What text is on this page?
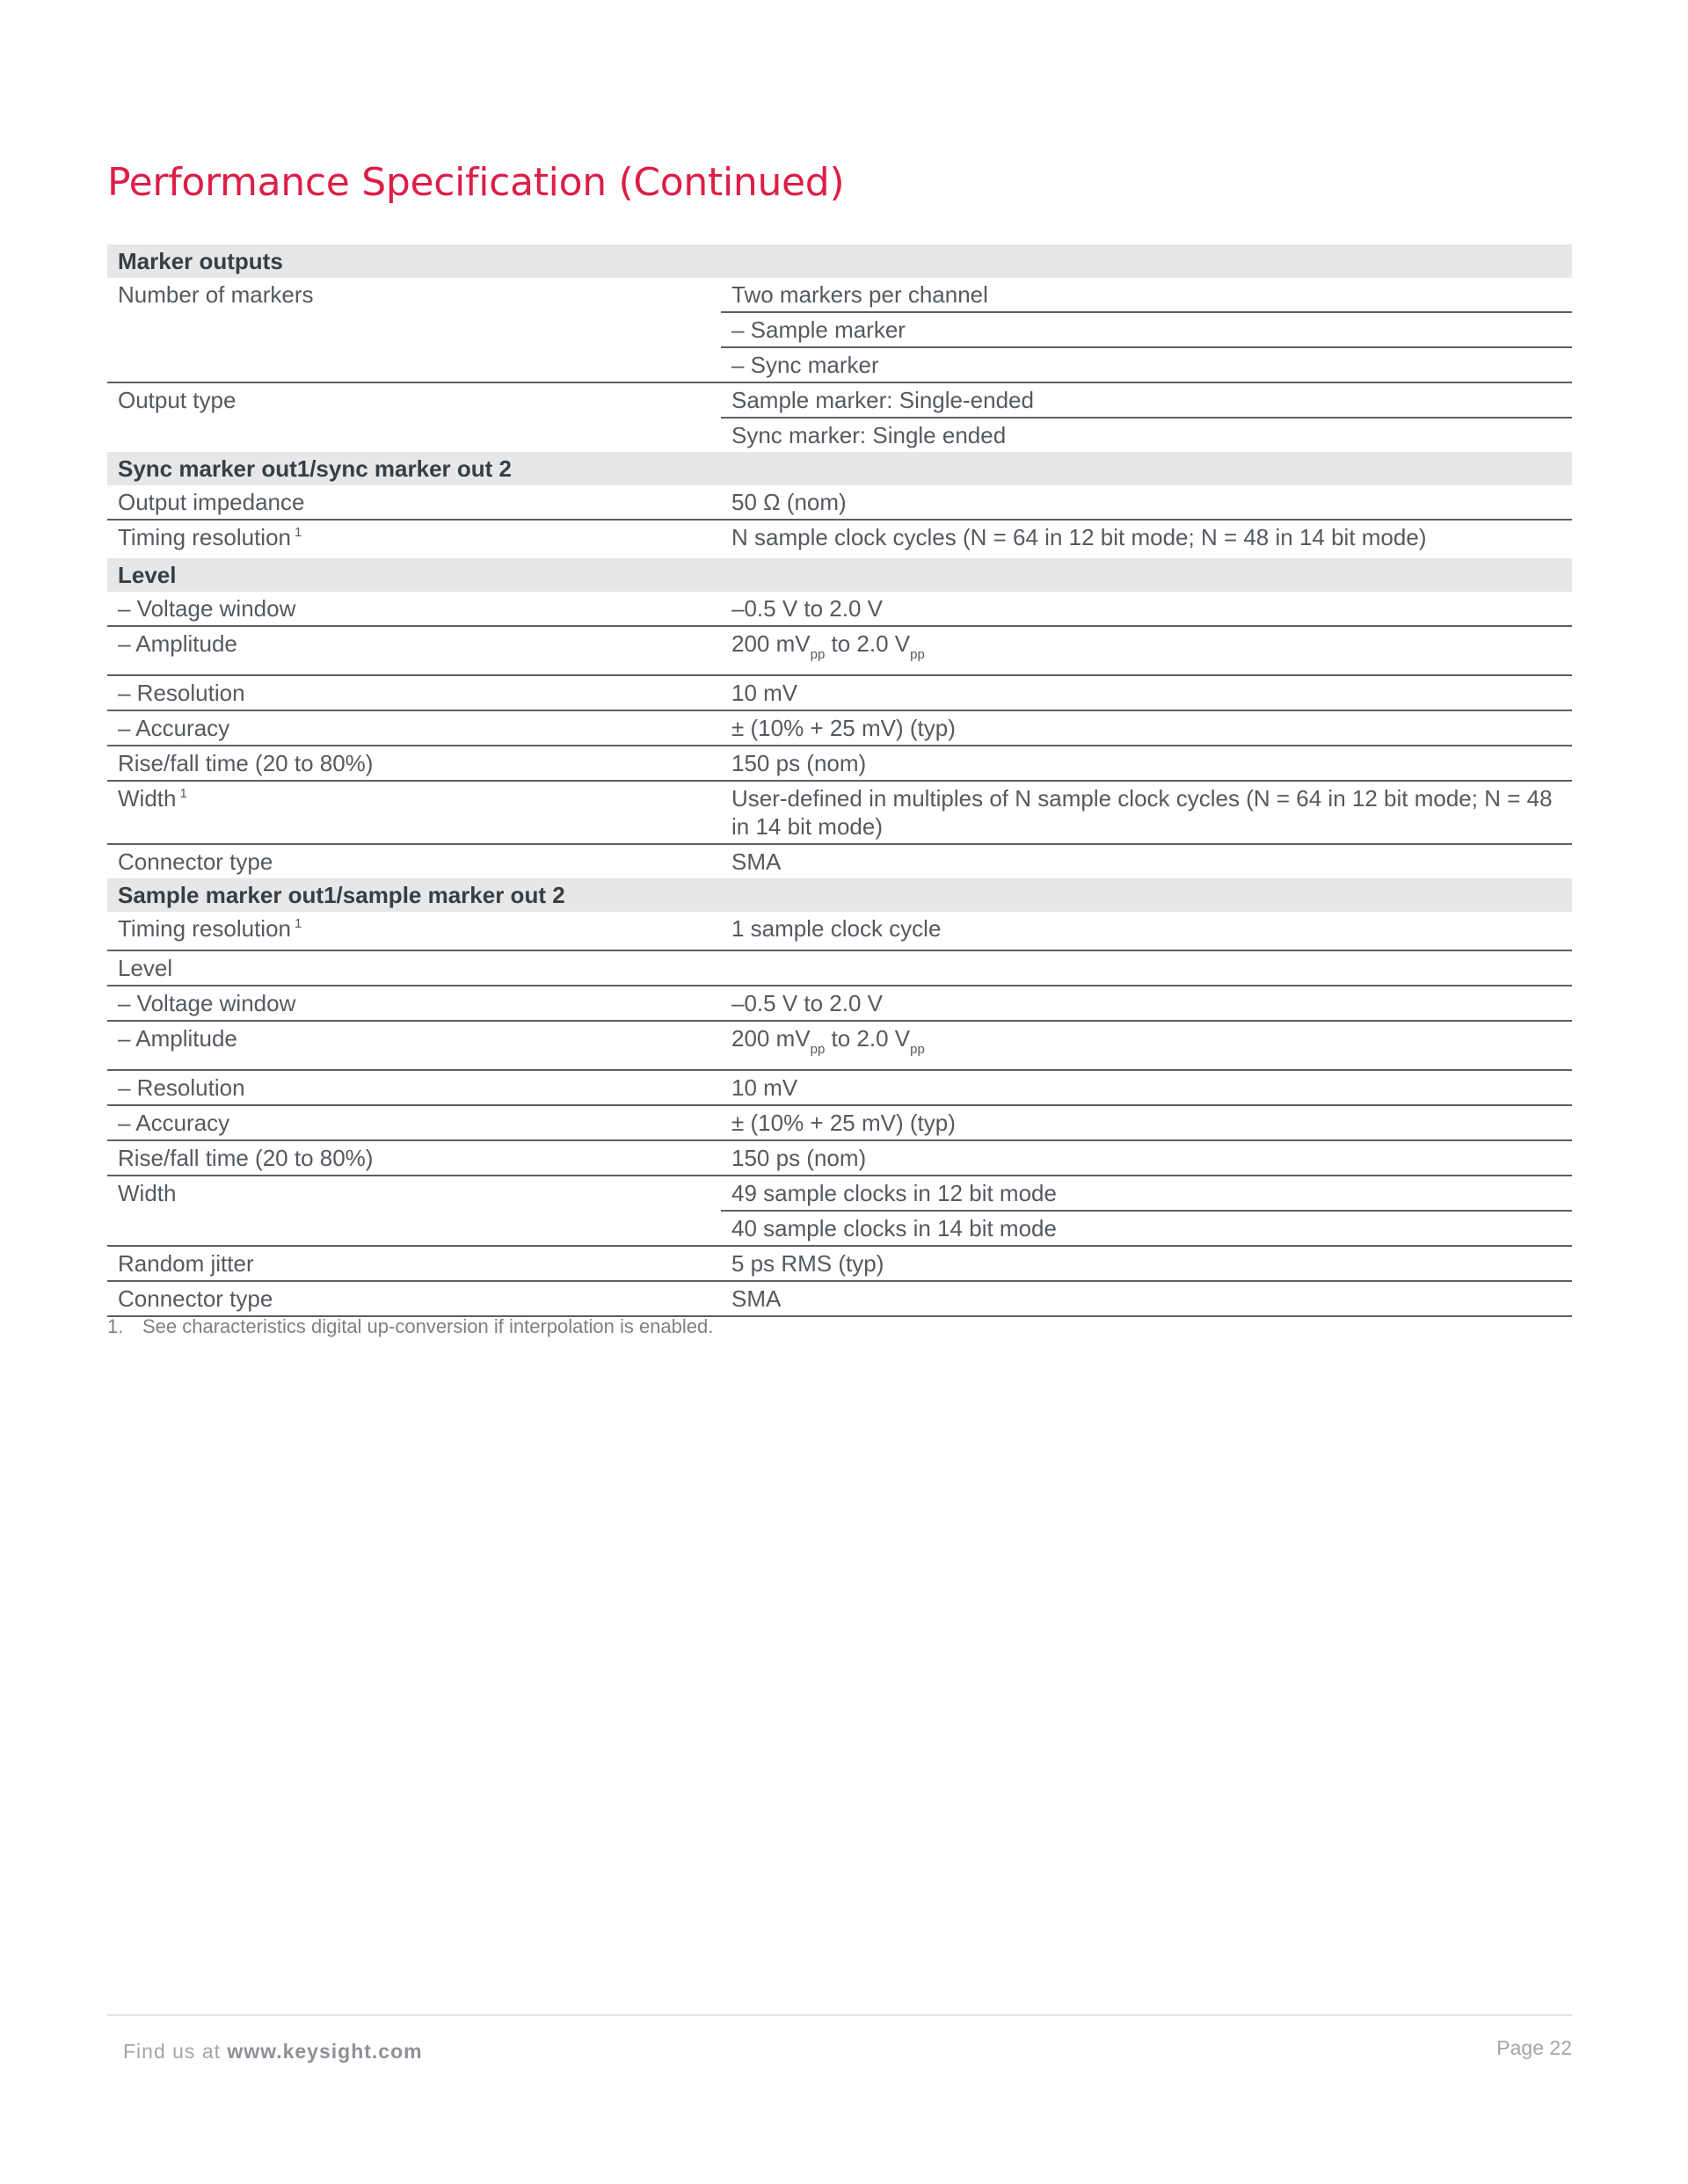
Performance Specification (Continued)
Marker outputs	
Number of markers	Two markers per channel
	– Sample marker
	– Sync marker
Output type	Sample marker: Single-ended
	Sync marker: Single ended
Sync marker out1/sync marker out 2	
Output impedance	50 Ω (nom)
Timing resolution $^1$	N sample clock cycles (N = 64 in 12 bit mode; N = 48 in 14 bit mode)
Level	
– Voltage window	–0.5 V to 2.0 V
– Amplitude	200 $mV_{pp}$ to 2.0 $V_{pp}$
– Resolution	10 mV
– Accuracy	± (10% + 25 mV) (typ)
Rise/fall time (20 to 80%)	150 ps (nom)
Width $^1$	User-defined in multiples of N sample clock cycles (N = 64 in 12 bit mode; N = 48 in 14 bit mode)
Connector type	SMA
Sample marker out1/sample marker out 2	
Timing resolution $^1$	1 sample clock cycle
Level	
– Voltage window	–0.5 V to 2.0 V
– Amplitude	200 $mV_{pp}$ to 2.0 $V_{pp}$
– Resolution	10 mV
– Accuracy	± (10% + 25 mV) (typ)
Rise/fall time (20 to 80%)	150 ps (nom)
Width	49 sample clocks in 12 bit mode
	40 sample clocks in 14 bit mode
Random jitter	5 ps RMS (typ)
Connector type	SMA

1. See characteristics digital up-conversion if interpolation is enabled.

Find us at www.keysight.com	Page 22
